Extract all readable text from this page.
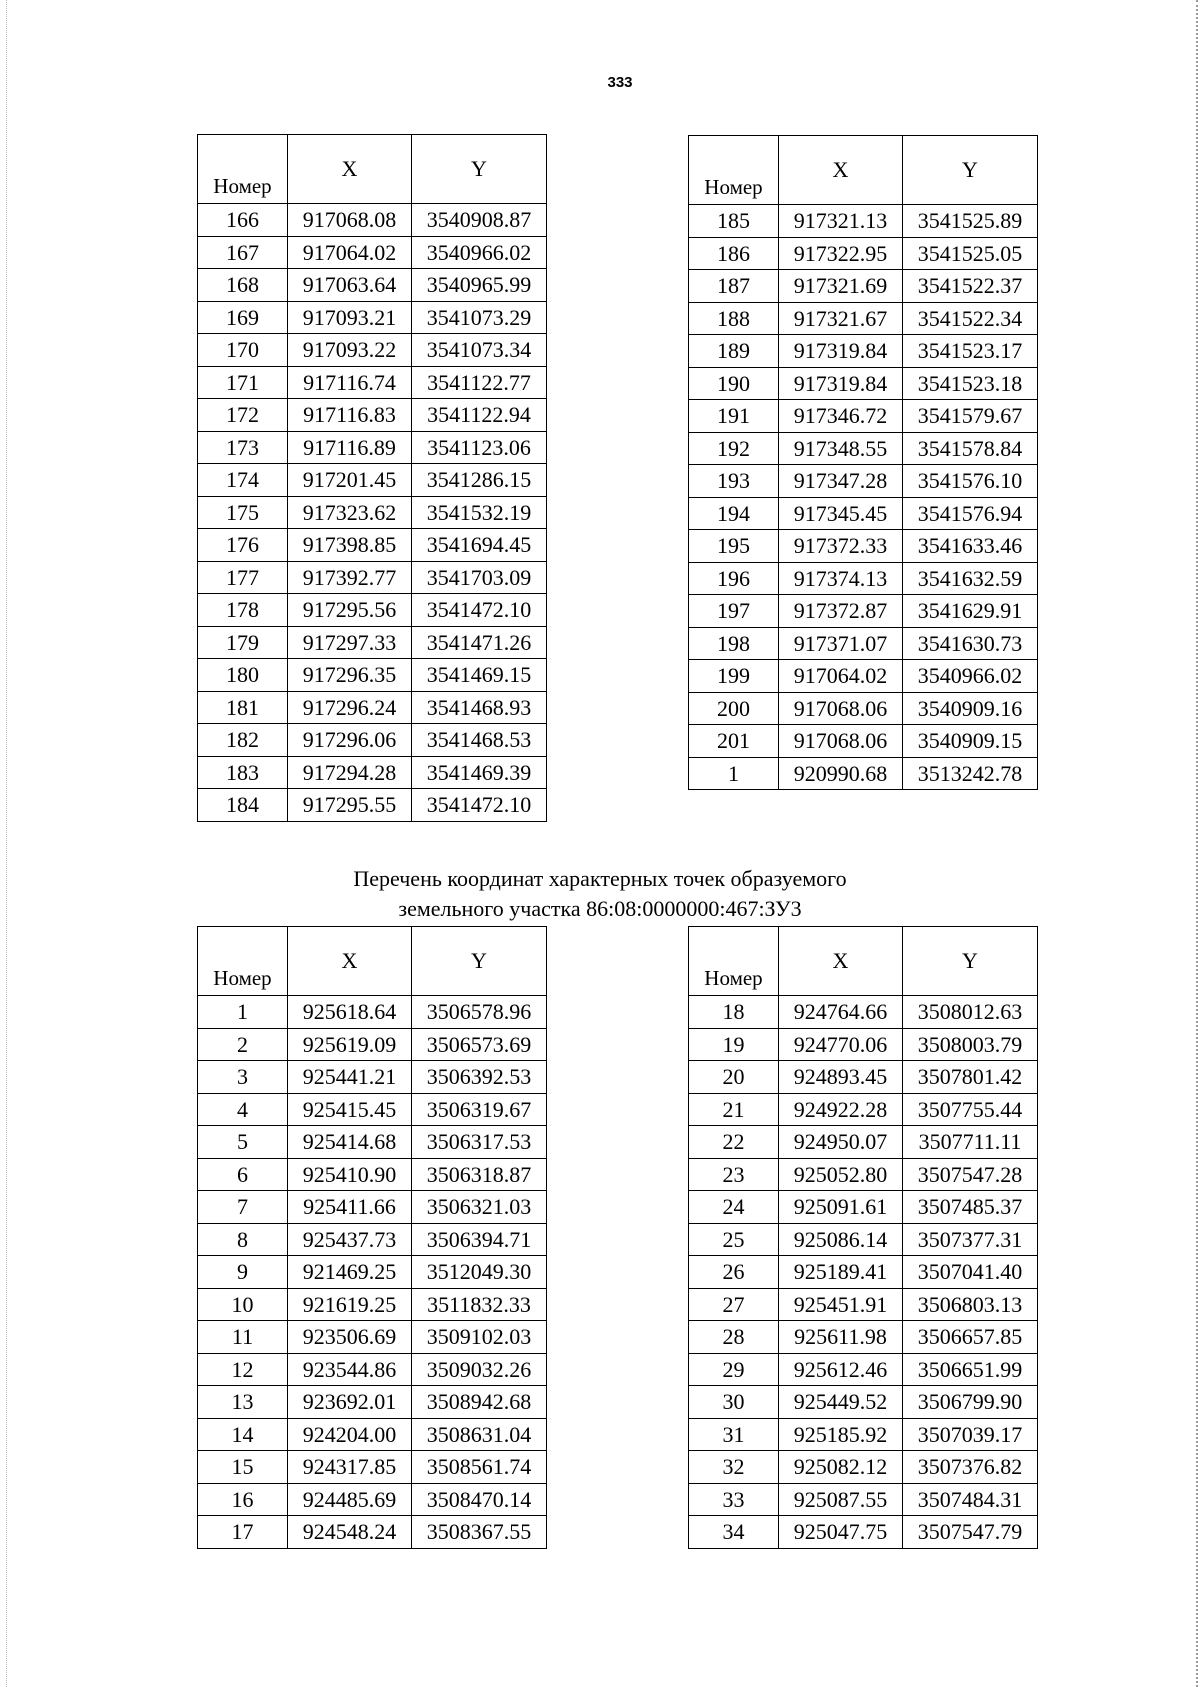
333
Номер	X	Y
166	917068.08	3540908.87
167	917064.02	3540966.02
168	917063.64	3540965.99
169	917093.21	3541073.29
170	917093.22	3541073.34
171	917116.74	3541122.77
172	917116.83	3541122.94
173	917116.89	3541123.06
174	917201.45	3541286.15
175	917323.62	3541532.19
176	917398.85	3541694.45
177	917392.77	3541703.09
178	917295.56	3541472.10
179	917297.33	3541471.26
180	917296.35	3541469.15
181	917296.24	3541468.93
182	917296.06	3541468.53
183	917294.28	3541469.39
184	917295.55	3541472.10
Номер	X	Y
185	917321.13	3541525.89
186	917322.95	3541525.05
187	917321.69	3541522.37
188	917321.67	3541522.34
189	917319.84	3541523.17
190	917319.84	3541523.18
191	917346.72	3541579.67
192	917348.55	3541578.84
193	917347.28	3541576.10
194	917345.45	3541576.94
195	917372.33	3541633.46
196	917374.13	3541632.59
197	917372.87	3541629.91
198	917371.07	3541630.73
199	917064.02	3540966.02
200	917068.06	3540909.16
201	917068.06	3540909.15
1	920990.68	3513242.78
Перечень координат характерных точек образуемого
земельного участка 86:08:0000000:467:ЗУ3
Номер	X	Y
1	925618.64	3506578.96
2	925619.09	3506573.69
3	925441.21	3506392.53
4	925415.45	3506319.67
5	925414.68	3506317.53
6	925410.90	3506318.87
7	925411.66	3506321.03
8	925437.73	3506394.71
9	921469.25	3512049.30
10	921619.25	3511832.33
11	923506.69	3509102.03
12	923544.86	3509032.26
13	923692.01	3508942.68
14	924204.00	3508631.04
15	924317.85	3508561.74
16	924485.69	3508470.14
17	924548.24	3508367.55
Номер	X	Y
18	924764.66	3508012.63
19	924770.06	3508003.79
20	924893.45	3507801.42
21	924922.28	3507755.44
22	924950.07	3507711.11
23	925052.80	3507547.28
24	925091.61	3507485.37
25	925086.14	3507377.31
26	925189.41	3507041.40
27	925451.91	3506803.13
28	925611.98	3506657.85
29	925612.46	3506651.99
30	925449.52	3506799.90
31	925185.92	3507039.17
32	925082.12	3507376.82
33	925087.55	3507484.31
34	925047.75	3507547.79
